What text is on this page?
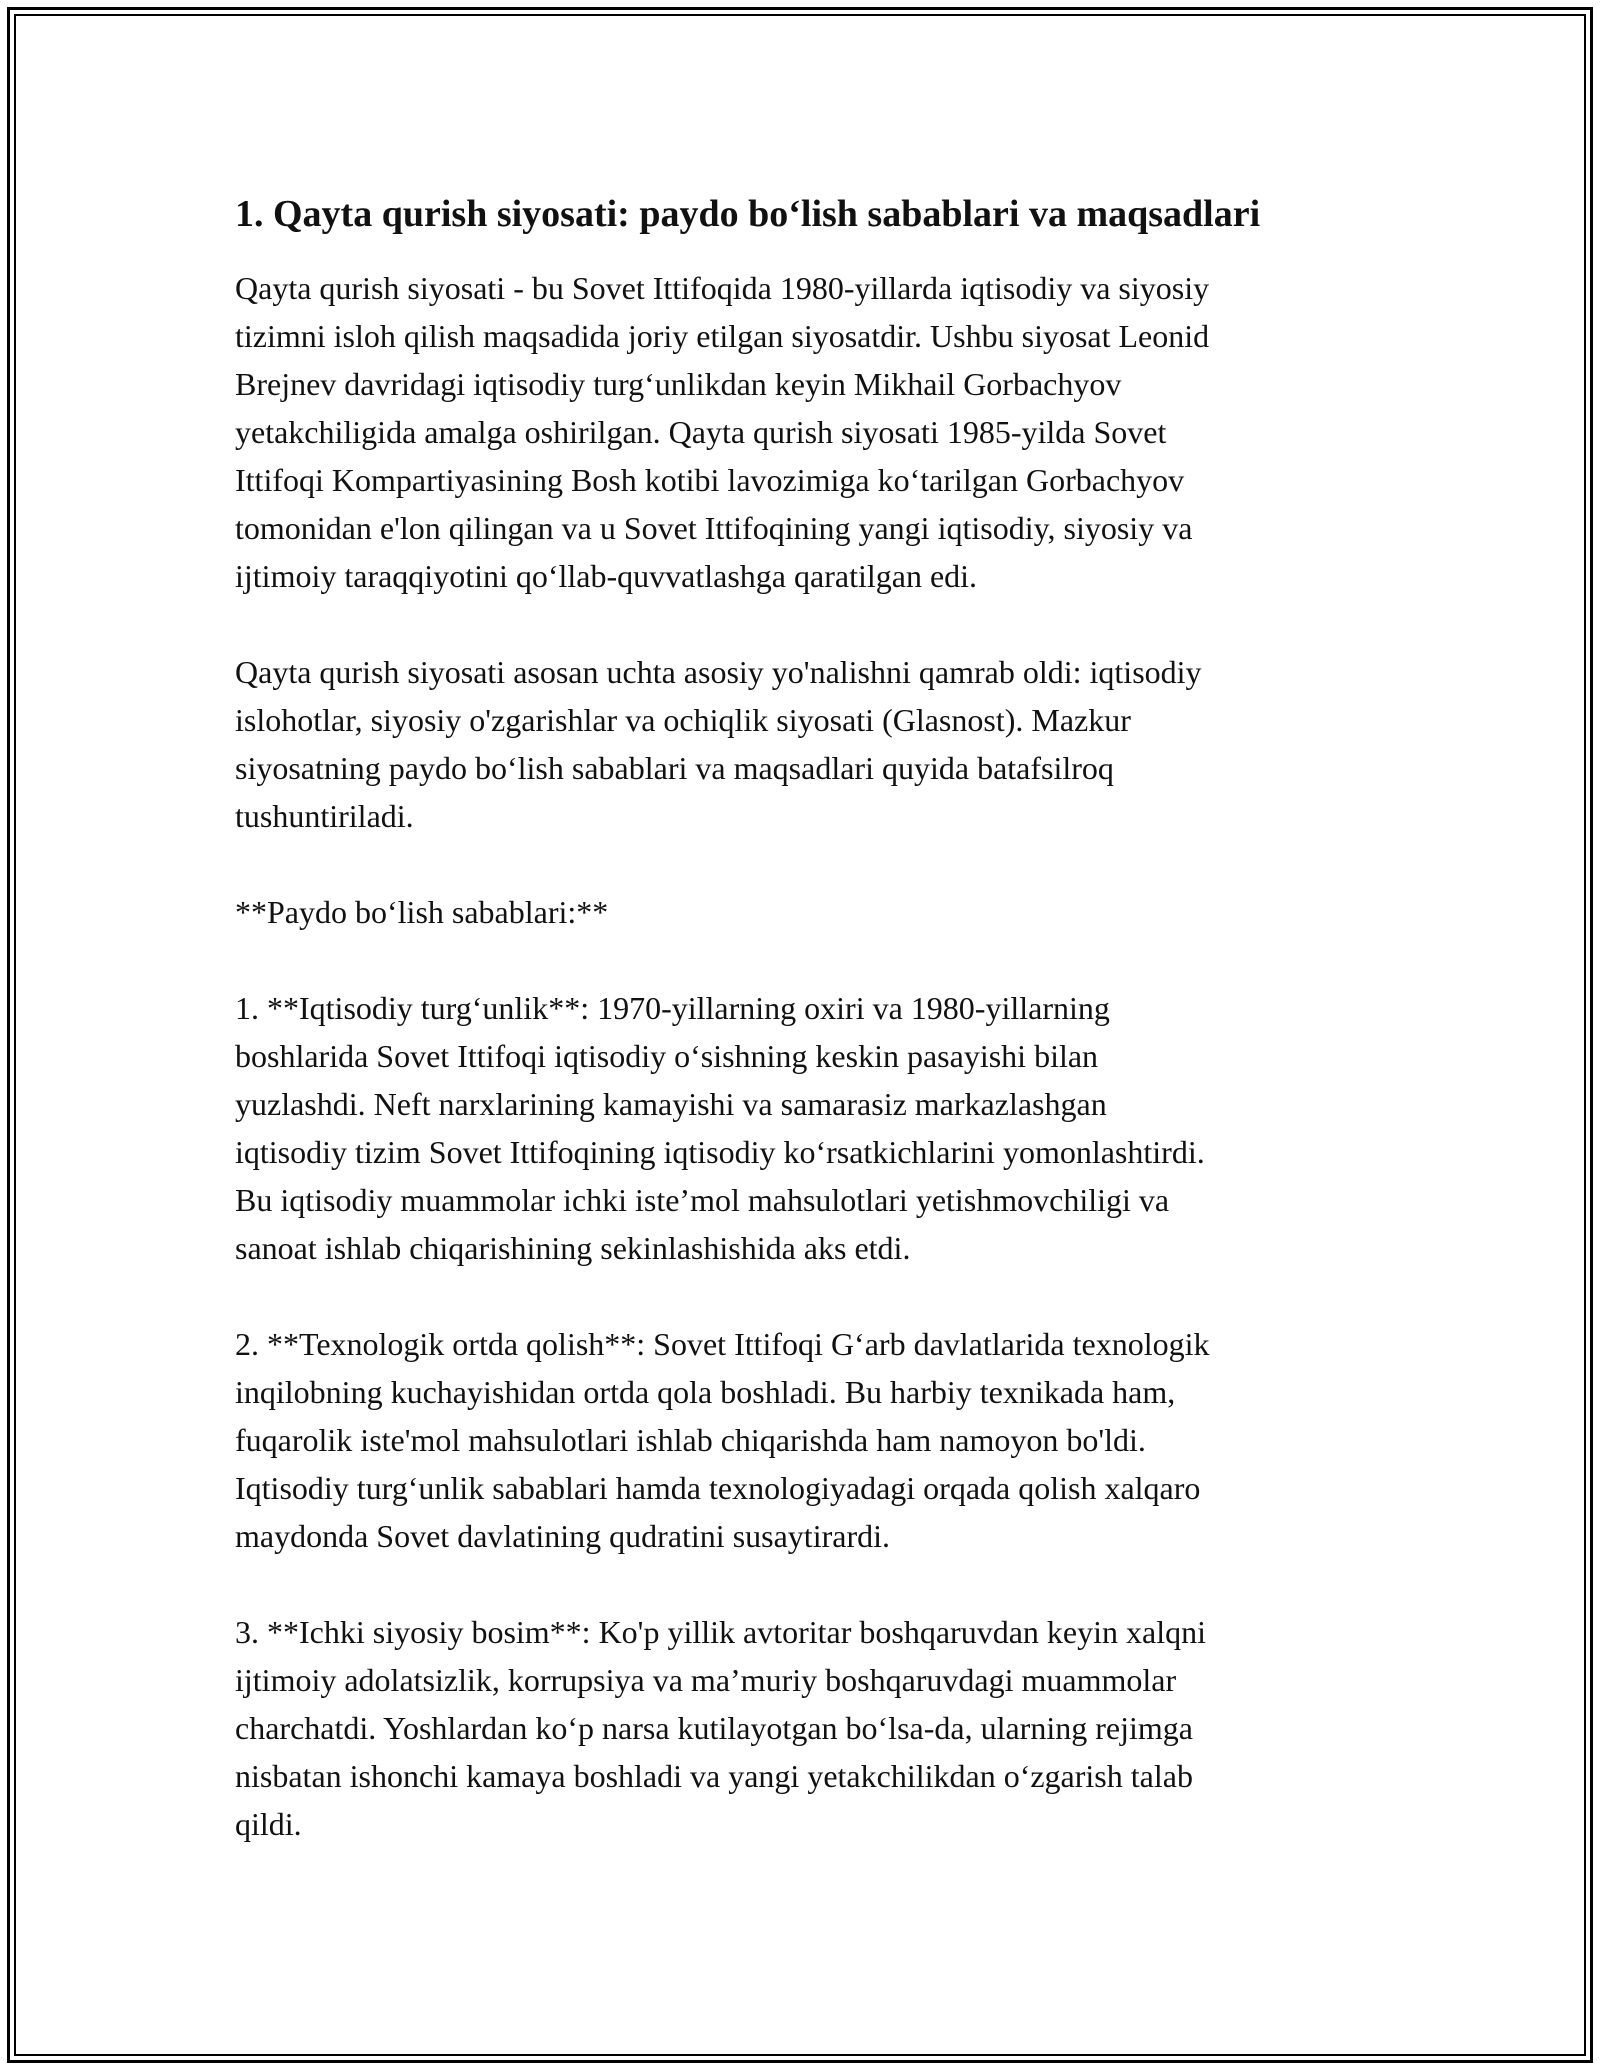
1. Qayta qurish siyosati: paydo bo‘lish sabablari va maqsadlari

Qayta qurish siyosati - bu Sovet Ittifoqida 1980-yillarda iqtisodiy va siyosiy
tizimni isloh qilish maqsadida joriy etilgan siyosatdir. Ushbu siyosat Leonid
Brejnev davridagi iqtisodiy turg‘unlikdan keyin Mikhail Gorbachyov
yetakchiligida amalga oshirilgan. Qayta qurish siyosati 1985-yilda Sovet
Ittifoqi Kompartiyasining Bosh kotibi lavozimiga ko‘tarilgan Gorbachyov
tomonidan e'lon qilingan va u Sovet Ittifoqining yangi iqtisodiy, siyosiy va
ijtimoiy taraqqiyotini qo‘llab-quvvatlashga qaratilgan edi.

Qayta qurish siyosati asosan uchta asosiy yo'nalishni qamrab oldi: iqtisodiy
islohotlar, siyosiy o'zgarishlar va ochiqlik siyosati (Glasnost). Mazkur
siyosatning paydo bo‘lish sabablari va maqsadlari quyida batafsilroq
tushuntiriladi.

**Paydo bo‘lish sabablari:**

1. **Iqtisodiy turg‘unlik**: 1970-yillarning oxiri va 1980-yillarning
boshlarida Sovet Ittifoqi iqtisodiy o‘sishning keskin pasayishi bilan
yuzlashdi. Neft narxlarining kamayishi va samarasiz markazlashgan
iqtisodiy tizim Sovet Ittifoqining iqtisodiy ko‘rsatkichlarini yomonlashtirdi.
Bu iqtisodiy muammolar ichki iste’mol mahsulotlari yetishmovchiligi va
sanoat ishlab chiqarishining sekinlashishida aks etdi.

2. **Texnologik ortda qolish**: Sovet Ittifoqi G‘arb davlatlarida texnologik
inqilobning kuchayishidan ortda qola boshladi. Bu harbiy texnikada ham,
fuqarolik iste'mol mahsulotlari ishlab chiqarishda ham namoyon bo'ldi.
Iqtisodiy turg‘unlik sabablari hamda texnologiyadagi orqada qolish xalqaro
maydonda Sovet davlatining qudratini susaytirardi.

3. **Ichki siyosiy bosim**: Ko'p yillik avtoritar boshqaruvdan keyin xalqni
ijtimoiy adolatsizlik, korrupsiya va ma’muriy boshqaruvdagi muammolar
charchatdi. Yoshlardan ko‘p narsa kutilayotgan bo‘lsa-da, ularning rejimga
nisbatan ishonchi kamaya boshladi va yangi yetakchilikdan o‘zgarish talab
qildi.
